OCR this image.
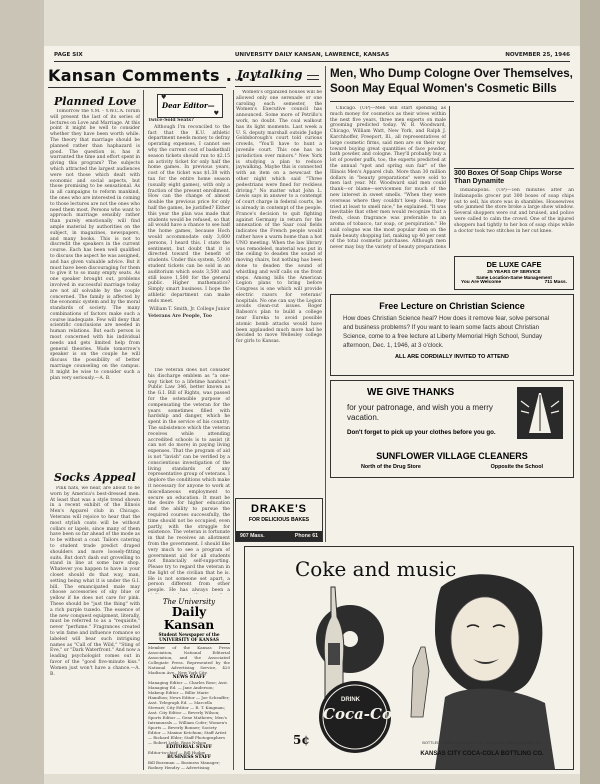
PAGE SIX	UNIVERSITY DAILY KANSAN, LAWRENCE, KANSAS	NOVEMBER 25, 1946
Kansan Comments . . .
Planned Love

Tomorrow the Y.M. - Y.W.C.A. forum will present the last of its series of lectures on Love and Marriage. At this point it might be well to consider whether they have been worth while. The theory that marriage should be planned rather than haphazard is good. The question is, has it warranted the time and effort spent in giving this program? The subjects which attracted the largest audiences were not those which dealt with economic and social aspects, but those promising to be sensational. As in all campaigns to reform mankind, the ones who are interested in coming to those lectures are not the ones who need them most. Persons who want to approach marriage sensibly rather than purely emotionally will find ample material by authorities on the subject, in magazines, newspapers, and many books. This is not to discredit the speakers in the current course. Each has been well qualified to discuss the aspect he was assigned, and has given valuable advice. But it must have been discouraging for them to give it to so many empty seats. As one speaker brought out, problems involved in successful marriage today are not all solvable by the couple concerned. The family is affected by the economic system and by the moral standards of society. The many combinations of factors make such a course inadequate. Few will deny that scientific conclusions are needed in human relations. But each person is most concerned with his individual needs and gets limited help from general theories. Wade tomorrow's speaker is on the couple he will discuss the possibility of better marriage counseling on the campus. It might be wise to consider such a plan very seriously.—A. B.

Socks Appeal

Pink hats, we hear, are about to be worn by America's best-dressed men. At least that was a style trend shown in a recent exhibit of the Illinois Men's Apparel club in Chicago. Veterans will rejoice to hear that the most stylish coats will be without collars or lapels, since many of them have been so far ahead of the mode as to be without a coat. Tailors catering to student trade predict draped shoulders and more loosely-fitting suits. But don't dash out grovelling to stand in line at some bare shop. Whatever you happen to have in your closet should do that way, man, setting being what it is under the G.I. bill. The emancipated male may choose accessories of sky blue or yellow if he does not care for pink. These should be "just the thing" with a rich purple tuxedo. The essence of the new conquest equipment, literally, must be referred to as a "requisite," never "perfume." Fragrances created to win fame and influence romance so labeled will bear such intriguing names as "Call of the Wild," "Sting of Eve," or "Dark Waterfront." And now a leading psychologist comes out in favor of the "good five-minute kiss." Women just won't have a chance.—A. B.

Dear Editor—
♥
♥
Twice-Sold Seats?

Although I'm reconciled to the fact that the K.U. athletic department needs money to defray operating expenses, I cannot see why the current cost of basketball season tickets should run to $2.15 an activity ticket for only half the home games. In previous years, cost of the ticket was $1.38 with tax for the entire home season (usually eight games), with only a fraction of the present enrollment. How can the change of almost double the previous price for only half the games, be justified? Either this year the plan was made that students would be refused, so that all would have a chance to see half the home games, because Hoch would accommodate only 3,600 persons, I heard this. I state the sentiment, but doubt that it is directed toward the benefit of students. Under this system, 5,000 student tickets can be sold in an auditorium which seats 3,500 and still leave 1,500 for the general public. Higher mathematics? Simply smart business. I hope the athletic department can make ends meet.

William T. Smith, Jr. College Junior
Veterans Are People, Too

The veteran does not consider his discharge emblem as "a one-way ticket to a lifetime handout." Public Law 346, better known as the G.I. Bill of Rights, was passed for the ostensible purpose of compensating the veteran for the years sometimes filled with hardship and danger, which he spent in the service of his country. The subsistence which the veteran receives while attending accredited schools is to assist (it can not do more) in paying living expenses. That the program of aid is not "lavish" can be verified by a conscientious investigation of the living standards of any representative group of veterans. I deplore the conditions which make it necessary for anyone to work at miscellaneous employment to secure an education. It must be the desire for higher education and the ability to pursue the required courses successfully, the time should not be occupied, even partly, with the struggle for existence. The veteran is fortunate in that he receives an allotment from the government. I should like very much to see a program of government aid for all students not financially self-supporting. Please try to regard the veteran in the light of the civilian that he is. He is not someone set apart, a person different from other people. He has always been a

The University
Daily Kansan
Student Newspaper of the UNIVERSITY OF KANSAS
Member of the Kansas Press Association, National Editorial Association, and the Associated Collegiate Press. Represented by the National Advertising Service, 420 Madison Ave., New York City.
NEWS STAFF
Managing Editor — Charles Rose; Asst. Managing Ed. — Jane Anderson; Makeup Editor — Billie Marie Hamilton; News Editor — Joe Scheaffer; Asst. Telegraph Ed. — Marcella Stewart; City Editor — R. T. Kingman; Asst. City Editor — Beverly Wilson; Sports Editor — Gene Mathews; Men's Intramurals — William Cofer; Women's Sports — Beverly Bonner; Society Editor — Maxine Ketchum; Staff Artist — Richard Elder; Staff Photographers — Robert Lytle, Russ Nelson
EDITORIAL STAFF
Editor-in-chief — Bill Hodge
BUSINESS STAFF
Bill Bozeman — Business Manager; Rodney Hendry — Advertising
Jaytalking

Women's organized houses will be allowed only one serenade or one caroling each semester, the Women's Executive council has announced. Some more of Petrillo's work, no doubt. The coal walkout has its light moments. Last week a U. S. deputy marshall outside Judge Goldsborough's court told curious crowds, "You'll have to hunt a juvenile court. This one has no jurisdiction over minors." New York is studying a plan to reduce jaywalking. Maybe this is connected with an item on a newscast the other night which said "Three pedestrians were fined for reckless driving." No matter what John L. Lewis says in answer to a contempt of court charge in federal courts, he is already in contempt of the people. France's decision to quit fighting against Germany in return for the annexation of the Saar coal fields indicates the French people would rather have a warm home than a hot UNO meeting. When the law library was remodeled, material was put in the ceiling to deaden the sound of moving chairs, but nothing has been done to deaden the sound of whistling and wolf calls on the front steps. Among bills the American Legion plans to bring before Congress is one which will provide electric razors for veterans' hospitals. No one can say the Legion avoids clean-cut issues. Roger Babson's plan to build a college near Eureka to avoid possible atomic bomb attacks would have been applauded much more had he decided to move Wellesley college for girls to Kansas.

DRAKE'S
FOR DELICIOUS BAKES
907 Mass.	Phone 61
Men, Who Dump Cologne Over Themselves, Soon May Equal Women's Cosmetic Bills

Chicago. (UP)—Men will start spending as much money for cosmetics as their wives within the next five years, three men experts on male grooming predicted today. W. B. Woodward, Chicago, William Watt, New York, and Ralph J. Karchhoffer, Freeport, Ill., all representatives of large cosmetic firms, said men are on their way toward buying great quantities of face powder, bath powder, and cologne. They'll probably buy a lot of powder puffs, too, the experts predicted at the annual "spot and spring sun fair" of the Illinois Men's Apparel club. More than 30 million dollars in "beauty preparations" were sold to men last year. Mr. Woodward said men could thank—or blame—servicemen for much of the new interest in sweet smells. "When they were overseas where they couldn't keep clean, they tried at least to smell nice," he explained. "It was inevitable that other men would recognize that a fresh, clean fragrance was preferable to an aroma of tobacco, tar soap, or perspiration." He said cologne was the most popular item on the male beauty shopping list, making up 40 per cent of the total cosmetic purchases. Although men never may buy the variety of beauty preparations

300 Boxes Of Soap Chips Worse Than Dynamite

Indianapolis. (UP)—Ten minutes after an Indianapolis grocer put 300 boxes of soap chips out to sell, his store was in shambles. Housewives who jammed the store broke a large show window. Several shoppers were cut and bruised, and police were called to calm the crowd. One of the injured shoppers had tightly to her box of soap chips while a doctor took two stitches in her cut knee.

DE LUXE CAFE
25 YEARS OF SERVICE
Same Location-Same Management
You Are Welcome	711 Mass.
Free Lecture on Christian Science
How does Christian Science heal? How does it remove fear, solve personal and business problems? If you want to learn some facts about Christian Science, come to a free lecture at Liberty Memorial High School, Sunday afternoon, Dec. 1, 1946, at 3 o'clock.
ALL ARE CORDIALLY INVITED TO ATTEND
WE GIVE THANKS
for your patronage, and wish you a merry vacation.
Don't forget to pick up your clothes before you go.
SUNFLOWER VILLAGE CLEANERS
North of the Drug Store	Opposite the School
Coke and music
DRINK
Coca-Cola
5¢	BOTTLED UNDER AUTHORITY OF THE COCA-COLA COMPANY BY
KANSAS CITY COCA-COLA BOTTLING CO.
